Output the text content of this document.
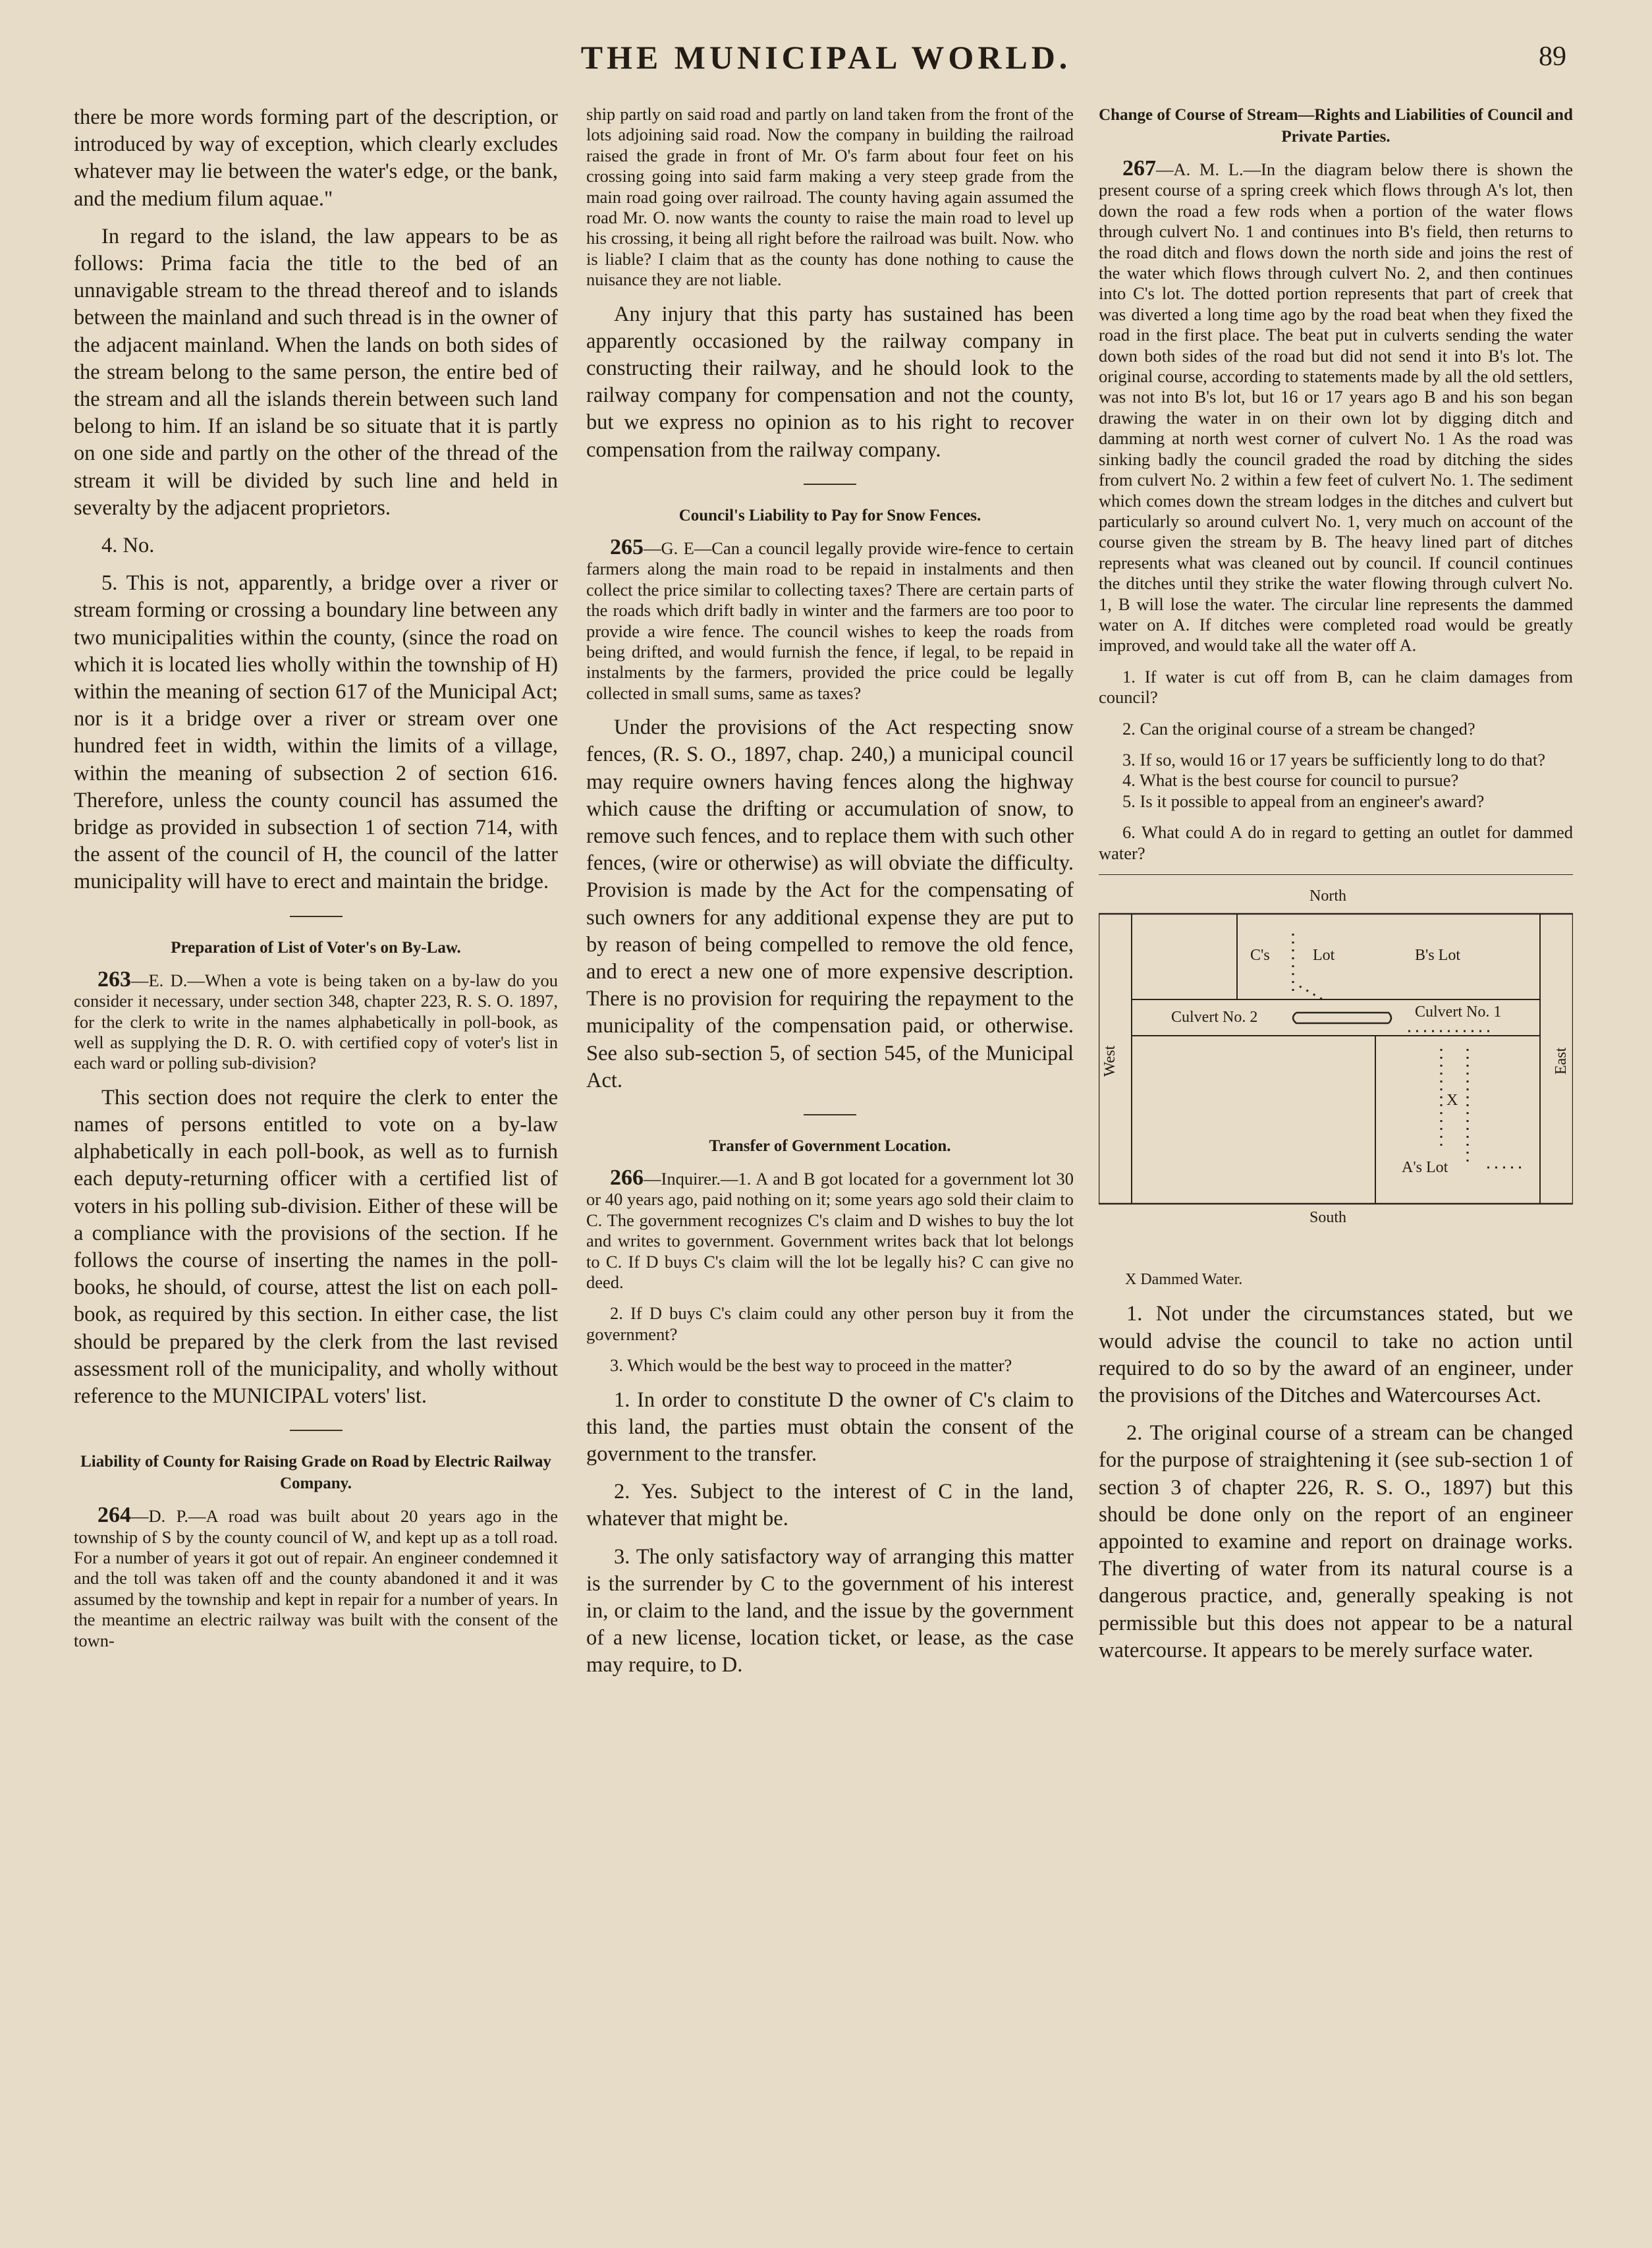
THE MUNICIPAL WORLD.	89

there be more words forming part of the description, or introduced by way of exception, which clearly excludes whatever may lie between the water's edge, or the bank, and the medium filum aquae."

In regard to the island, the law appears to be as follows: Prima facia the title to the bed of an unnavigable stream to the thread thereof and to islands between the mainland and such thread is in the owner of the adjacent mainland. When the lands on both sides of the stream belong to the same person, the entire bed of the stream and all the islands therein between such land belong to him. If an island be so situate that it is partly on one side and partly on the other of the thread of the stream it will be divided by such line and held in severalty by the adjacent proprietors.

4. No.

5. This is not, apparently, a bridge over a river or stream forming or crossing a boundary line between any two municipalities within the county, (since the road on which it is located lies wholly within the township of H) within the meaning of section 617 of the Municipal Act; nor is it a bridge over a river or stream over one hundred feet in width, within the limits of a village, within the meaning of subsection 2 of section 616. Therefore, unless the county council has assumed the bridge as provided in subsection 1 of section 714, with the assent of the council of H, the council of the latter municipality will have to erect and maintain the bridge.

Preparation of List of Voter's on By-Law.

263—E. D.—When a vote is being taken on a by-law do you consider it necessary, under section 348, chapter 223, R. S. O. 1897, for the clerk to write in the names alphabetically in poll-book, as well as supplying the D. R. O. with certified copy of voter's list in each ward or polling sub-division?

This section does not require the clerk to enter the names of persons entitled to vote on a by-law alphabetically in each poll-book, as well as to furnish each deputy-returning officer with a certified list of voters in his polling sub-division. Either of these will be a compliance with the provisions of the section. If he follows the course of inserting the names in the poll-books, he should, of course, attest the list on each poll-book, as required by this section. In either case, the list should be prepared by the clerk from the last revised assessment roll of the municipality, and wholly without reference to the MUNICIPAL voters' list.

Liability of County for Raising Grade on Road by Electric Railway Company.

264—D. P.—A road was built about 20 years ago in the township of S by the county council of W, and kept up as a toll road. For a number of years it got out of repair. An engineer condemned it and the toll was taken off and the county abandoned it and it was assumed by the township and kept in repair for a number of years. In the meantime an electric railway was built with the consent of the town-

ship partly on said road and partly on land taken from the front of the lots adjoining said road. Now the company in building the railroad raised the grade in front of Mr. O's farm about four feet on his crossing going into said farm making a very steep grade from the main road going over railroad. The county having again assumed the road Mr. O. now wants the county to raise the main road to level up his crossing, it being all right before the railroad was built. Now. who is liable? I claim that as the county has done nothing to cause the nuisance they are not liable.

Any injury that this party has sustained has been apparently occasioned by the railway company in constructing their railway, and he should look to the railway company for compensation and not the county, but we express no opinion as to his right to recover compensation from the railway company.

Council's Liability to Pay for Snow Fences.

265—G. E—Can a council legally provide wire-fence to certain farmers along the main road to be repaid in instalments and then collect the price similar to collecting taxes? There are certain parts of the roads which drift badly in winter and the farmers are too poor to provide a wire fence. The council wishes to keep the roads from being drifted, and would furnish the fence, if legal, to be repaid in instalments by the farmers, provided the price could be legally collected in small sums, same as taxes?

Under the provisions of the Act respecting snow fences, (R. S. O., 1897, chap. 240,) a municipal council may require owners having fences along the highway which cause the drifting or accumulation of snow, to remove such fences, and to replace them with such other fences, (wire or otherwise) as will obviate the difficulty. Provision is made by the Act for the compensating of such owners for any additional expense they are put to by reason of being compelled to remove the old fence, and to erect a new one of more expensive description. There is no provision for requiring the repayment to the municipality of the compensation paid, or otherwise. See also sub-section 5, of section 545, of the Municipal Act.

Transfer of Government Location.

266—Inquirer.—1. A and B got located for a government lot 30 or 40 years ago, paid nothing on it; some years ago sold their claim to C. The government recognizes C's claim and D wishes to buy the lot and writes to government. Government writes back that lot belongs to C. If D buys C's claim will the lot be legally his? C can give no deed.

2. If D buys C's claim could any other person buy it from the government?

3. Which would be the best way to proceed in the matter?

1. In order to constitute D the owner of C's claim to this land, the parties must obtain the consent of the government to the transfer.

2. Yes. Subject to the interest of C in the land, whatever that might be.

3. The only satisfactory way of arranging this matter is the surrender by C to the government of his interest in, or claim to the land, and the issue by the government of a new license, location ticket, or lease, as the case may require, to D.

Change of Course of Stream—Rights and Liabilities of Council and Private Parties.

267—A. M. L.—In the diagram below there is shown the present course of a spring creek which flows through A's lot, then down the road a few rods when a portion of the water flows through culvert No. 1 and continues into B's field, then returns to the road ditch and flows down the north side and joins the rest of the water which flows through culvert No. 2, and then continues into C's lot. The dotted portion represents that part of creek that was diverted a long time ago by the road beat when they fixed the road in the first place. The beat put in culverts sending the water down both sides of the road but did not send it into B's lot. The original course, according to statements made by all the old settlers, was not into B's lot, but 16 or 17 years ago B and his son began drawing the water in on their own lot by digging ditch and damming at north west corner of culvert No. 1 As the road was sinking badly the council graded the road by ditching the sides from culvert No. 2 within a few feet of culvert No. 1. The sediment which comes down the stream lodges in the ditches and culvert but particularly so around culvert No. 1, very much on account of the course given the stream by B. The heavy lined part of ditches represents what was cleaned out by council. If council continues the ditches until they strike the water flowing through culvert No. 1, B will lose the water. The circular line represents the dammed water on A. If ditches were completed road would be greatly improved, and would take all the water off A.

1. If water is cut off from B, can he claim damages from council?

2. Can the original course of a stream be changed?

3. If so, would 16 or 17 years be sufficiently long to do that?

4. What is the best course for council to pursue?

5. Is it possible to appeal from an engineer's award?

6. What could A do in regard to getting an outlet for dammed water?

North
South
West	East
C's	Lot	B's Lot
Culvert No. 2	Culvert No. 1
X
A's Lot

X Dammed Water.

1. Not under the circumstances stated, but we would advise the council to take no action until required to do so by the award of an engineer, under the provisions of the Ditches and Watercourses Act.

2. The original course of a stream can be changed for the purpose of straightening it (see sub-section 1 of section 3 of chapter 226, R. S. O., 1897) but this should be done only on the report of an engineer appointed to examine and report on drainage works. The diverting of water from its natural course is a dangerous practice, and, generally speaking is not permissible but this does not appear to be a natural watercourse. It appears to be merely surface water.
